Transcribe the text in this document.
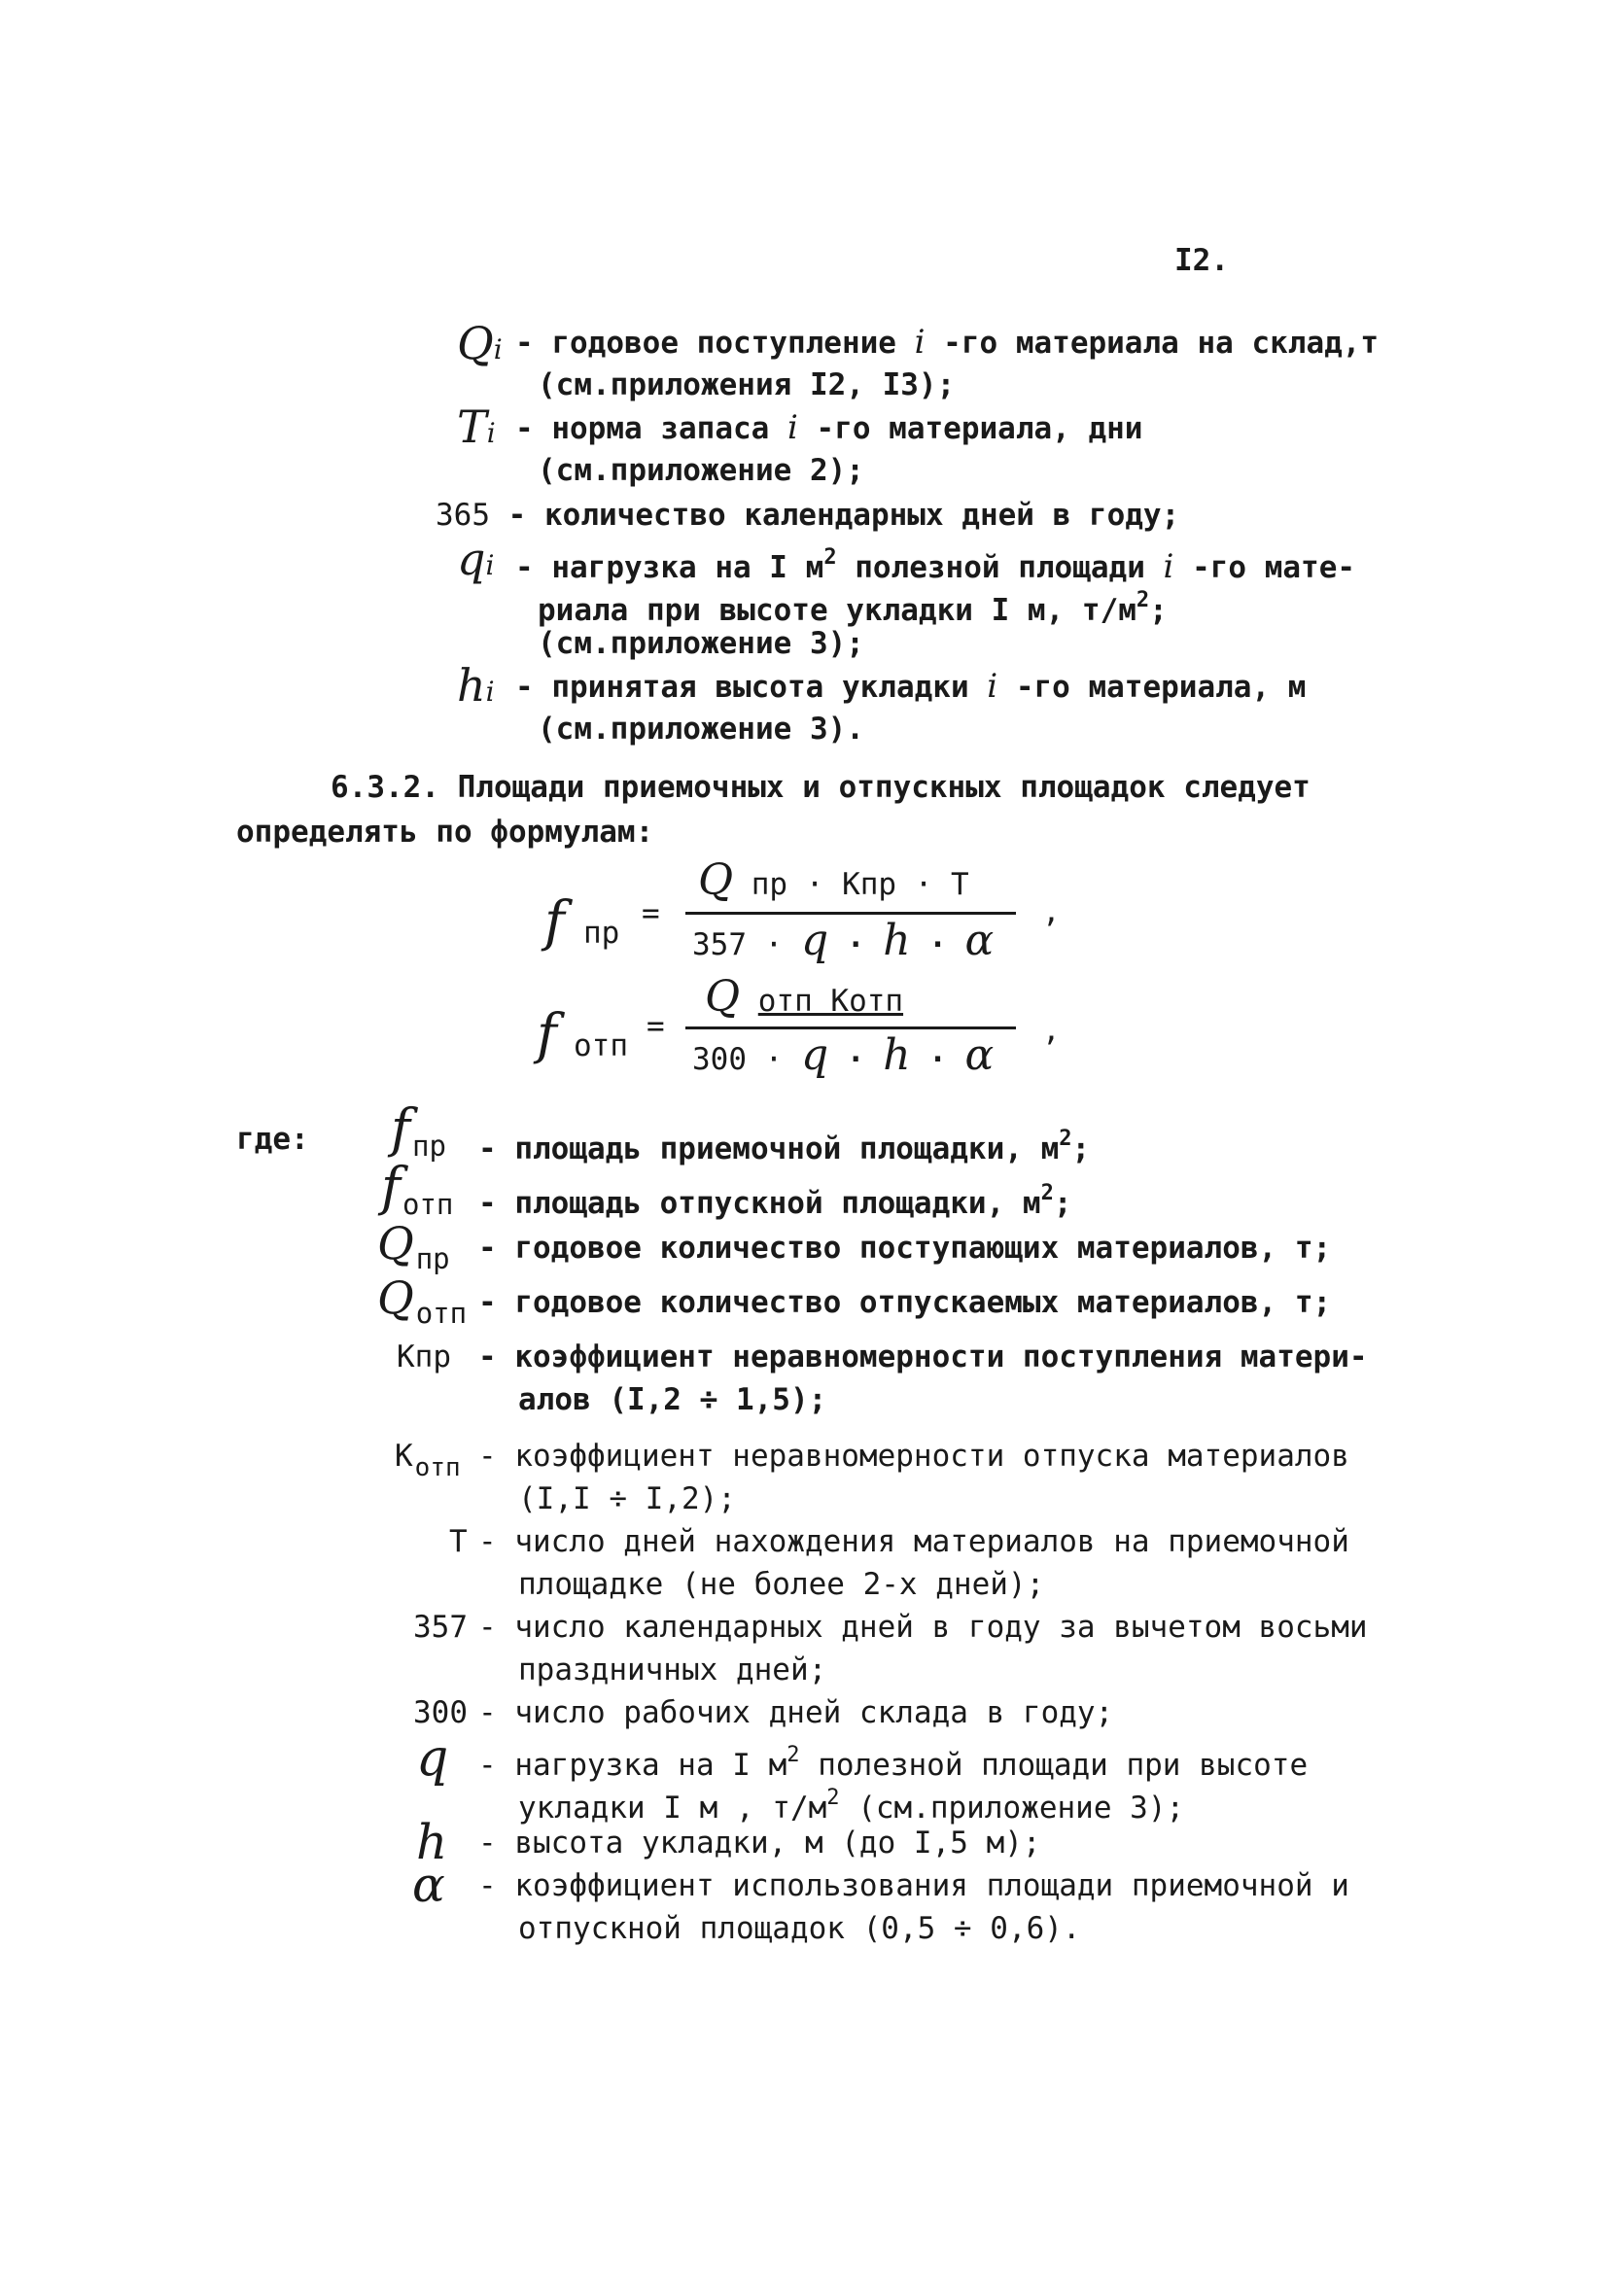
I2.
Qi - годовое поступление i -го материала на склад,т
(см.приложения I2, I3);
Ti - норма запаса i -го материала, дни
(см.приложение 2);
365 - количество календарных дней в году;
qi - нагрузка на I $м^2$ полезной площади i -го мате-
риала при высоте укладки I м, $т/м^2$;
(см.приложение 3);
hi - принятая высота укладки i -го материала, м
(см.приложение 3).
6.3.2. Площади приемочных и отпускных площадок следует
определять по формулам:
f пр
=
Q пр · Кпр · Т
357 · q · h · α
,
f отп
=
Q отп Котп
300 · q · h · α ,
где: $f_{пр}$ - площадь приемочной площадки, $м^2$;
$f_{отп}$ - площадь отпускной площадки, $м^2$;
$Q_{пр}$ - годовое количество поступающих материалов, т;
$Q_{отп}$ - годовое количество отпускаемых материалов, т;
Кпр - коэффициент неравномерности поступления матери-
алов (I,2 ÷ 1,5);
$К_{отп}$ - коэффициент неравномерности отпуска материалов
(I,I ÷ I,2);
Т - число дней нахождения материалов на приемочной
площадке (не более 2-х дней);
357 - число календарных дней в году за вычетом восьми
праздничных дней;
300 - число рабочих дней склада в году;
q - нагрузка на I $м^2$ полезной площади при высоте
укладки I м , $т/м^2$ (см.приложение 3);
h - высота укладки, м (до I,5 м);
α - коэффициент использования площади приемочной и
отпускной площадок (0,5 ÷ 0,6).
